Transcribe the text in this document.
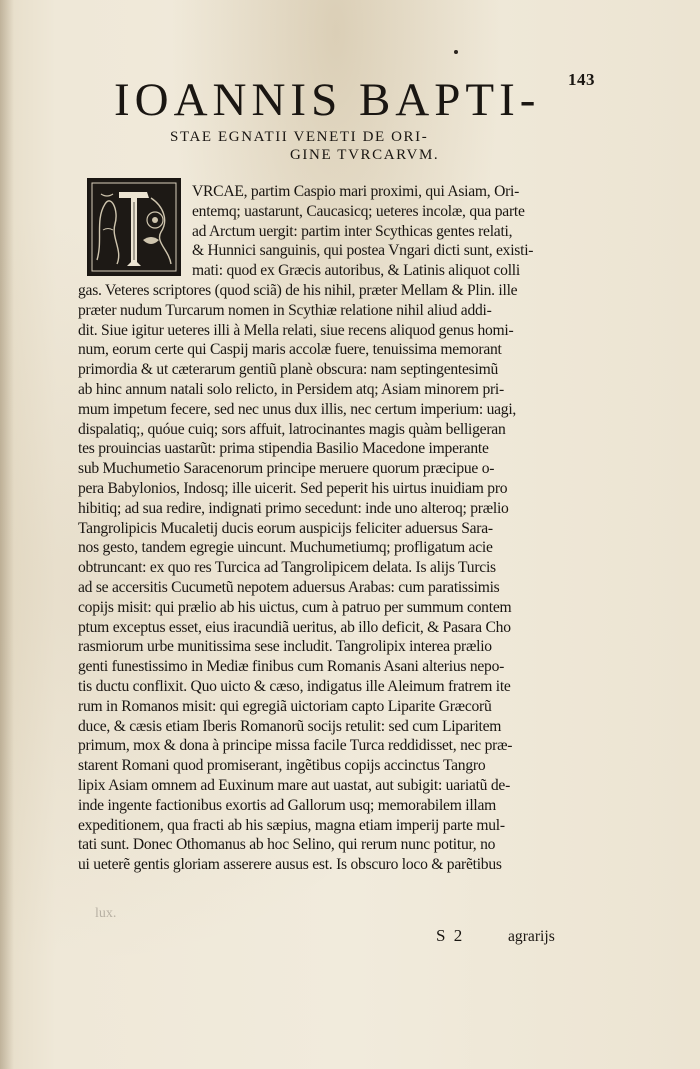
143
IOANNIS BAPTI-
STAE EGNATII VENETI DE ORI-
GINE TVRCARVM.
VRCAE, partim Caspio mari proximi, qui Asiam, Ori-
entemq; uastarunt, Caucasicq; ueteres incolæ, qua parte
ad Arctum uergit: partim inter Scythicas gentes relati,
& Hunnici sanguinis, qui postea Vngari dicti sunt, existi-
mati: quod ex Græcis autoribus, & Latinis aliquot colli
gas. Veteres scriptores (quod sciã) de his nihil, præter Mellam & Plin. ille
præter nudum Turcarum nomen in Scythiæ relatione nihil aliud addi-
dit. Siue igitur ueteres illi à Mella relati, siue recens aliquod genus homi-
num, eorum certe qui Caspij maris accolæ fuere, tenuissima memorant
primordia & ut cæterarum gentiũ planè obscura: nam septingentesimũ
ab hinc annum natali solo relicto, in Persidem atq; Asiam minorem pri-
mum impetum fecere, sed nec unus dux illis, nec certum imperium: uagi,
dispalatiq;, quóue cuiq; sors affuit, latrocinantes magis quàm belligeran
tes prouincias uastarũt: prima stipendia Basilio Macedone imperante
sub Muchumetio Saracenorum principe meruere quorum præcipue o-
pera Babylonios, Indosq; ille uicerit. Sed peperit his uirtus inuidiam pro
hibitiq; ad sua redire, indignati primo secedunt: inde uno alteroq; prælio
Tangrolipicis Mucaletij ducis eorum auspicijs feliciter aduersus Sara-
nos gesto, tandem egregie uincunt. Muchumetiumq; profligatum acie
obtruncant: ex quo res Turcica ad Tangrolipicem delata. Is alijs Turcis
ad se accersitis Cucumetũ nepotem aduersus Arabas: cum paratissimis
copijs misit: qui prælio ab his uictus, cum à patruo per summum contem
ptum exceptus esset, eius iracundiã ueritus, ab illo deficit, & Pasara Cho
rasmiorum urbe munitissima sese includit. Tangrolipix interea prælio
genti funestissimo in Mediæ finibus cum Romanis Asani alterius nepo-
tis ductu conflixit. Quo uicto & cæso, indigatus ille Aleimum fratrem ite
rum in Romanos misit: qui egregiã uictoriam capto Liparite Græcorũ
duce, & cæsis etiam Iberis Romanorũ socijs retulit: sed cum Liparitem
primum, mox & dona à principe missa facile Turca reddidisset, nec præ-
starent Romani quod promiserant, ingẽtibus copijs accinctus Tangro
lipix Asiam omnem ad Euxinum mare aut uastat, aut subigit: uariatũ de-
inde ingente factionibus exortis ad Gallorum usq; memorabilem illam
expeditionem, qua fracti ab his sæpius, magna etiam imperij parte mul-
tati sunt. Donec Othomanus ab hoc Selino, qui rerum nunc potitur, no
ui ueterẽ gentis gloriam asserere ausus est. Is obscuro loco & parẽtibus
lux.
S 2	agrarijs
